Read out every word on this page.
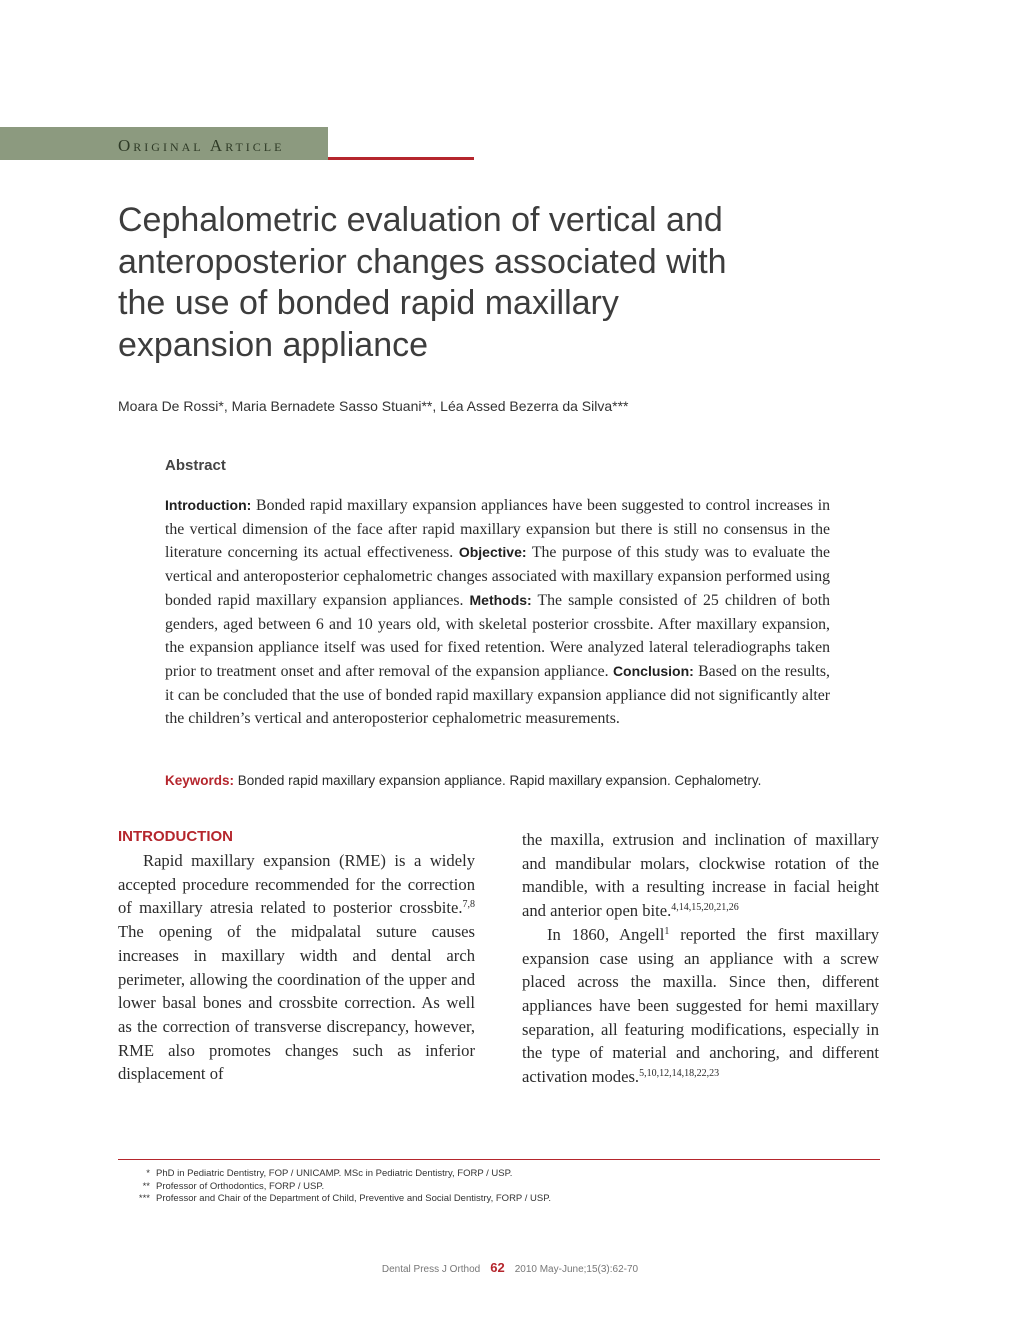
Original Article
Cephalometric evaluation of vertical and anteroposterior changes associated with the use of bonded rapid maxillary expansion appliance

Moara De Rossi*, Maria Bernadete Sasso Stuani**, Léa Assed Bezerra da Silva***

Abstract

Introduction: Bonded rapid maxillary expansion appliances have been suggested to control increases in the vertical dimension of the face after rapid maxillary expansion but there is still no consensus in the literature concerning its actual effectiveness. Objective: The purpose of this study was to evaluate the vertical and anteroposterior cephalometric changes associated with maxillary expansion performed using bonded rapid maxillary expansion appliances. Methods: The sample consisted of 25 children of both genders, aged between 6 and 10 years old, with skeletal posterior crossbite. After maxillary expansion, the expansion appliance itself was used for fixed retention. Were analyzed lateral teleradiographs taken prior to treatment onset and after removal of the expansion appliance. Conclusion: Based on the results, it can be concluded that the use of bonded rapid maxillary expansion appliance did not significantly alter the children’s vertical and anteroposterior cephalometric measurements.

Keywords: Bonded rapid maxillary expansion appliance. Rapid maxillary expansion. Cephalometry.

INTRODUCTION

Rapid maxillary expansion (RME) is a widely accepted procedure recommended for the correction of maxillary atresia related to posterior crossbite.$^{7,8}$ The opening of the midpalatal suture causes increases in maxillary width and dental arch perimeter, allowing the coordination of the upper and lower basal bones and crossbite correction. As well as the correction of transverse discrepancy, however, RME also promotes changes such as inferior displacement of

the maxilla, extrusion and inclination of maxillary and mandibular molars, clockwise rotation of the mandible, with a resulting increase in facial height and anterior open bite.$^{4,14,15,20,21,26}$

In 1860, Angell$^1$ reported the first maxillary expansion case using an appliance with a screw placed across the maxilla. Since then, different appliances have been suggested for hemi maxillary separation, all featuring modifications, especially in the type of material and anchoring, and different activation modes.$^{5,10,12,14,18,22,23}$

* PhD in Pediatric Dentistry, FOP / UNICAMP. MSc in Pediatric Dentistry, FORP / USP.
** Professor of Orthodontics, FORP / USP.
*** Professor and Chair of the Department of Child, Preventive and Social Dentistry, FORP / USP.
Dental Press J Orthod 62 2010 May-June;15(3):62-70
